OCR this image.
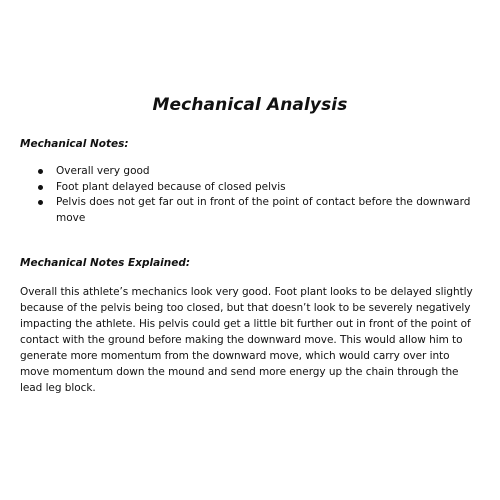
Mechanical Analysis
Mechanical Notes:
Overall very good
Foot plant delayed because of closed pelvis
Pelvis does not get far out in front of the point of contact before the downward move
Mechanical Notes Explained:

Overall this athlete’s mechanics look very good. Foot plant looks to be delayed slightly because of the pelvis being too closed, but that doesn’t look to be severely negatively impacting the athlete. His pelvis could get a little bit further out in front of the point of contact with the ground before making the downward move. This would allow him to generate more momentum from the downward move, which would carry over into move momentum down the mound and send more energy up the chain through the lead leg block.
